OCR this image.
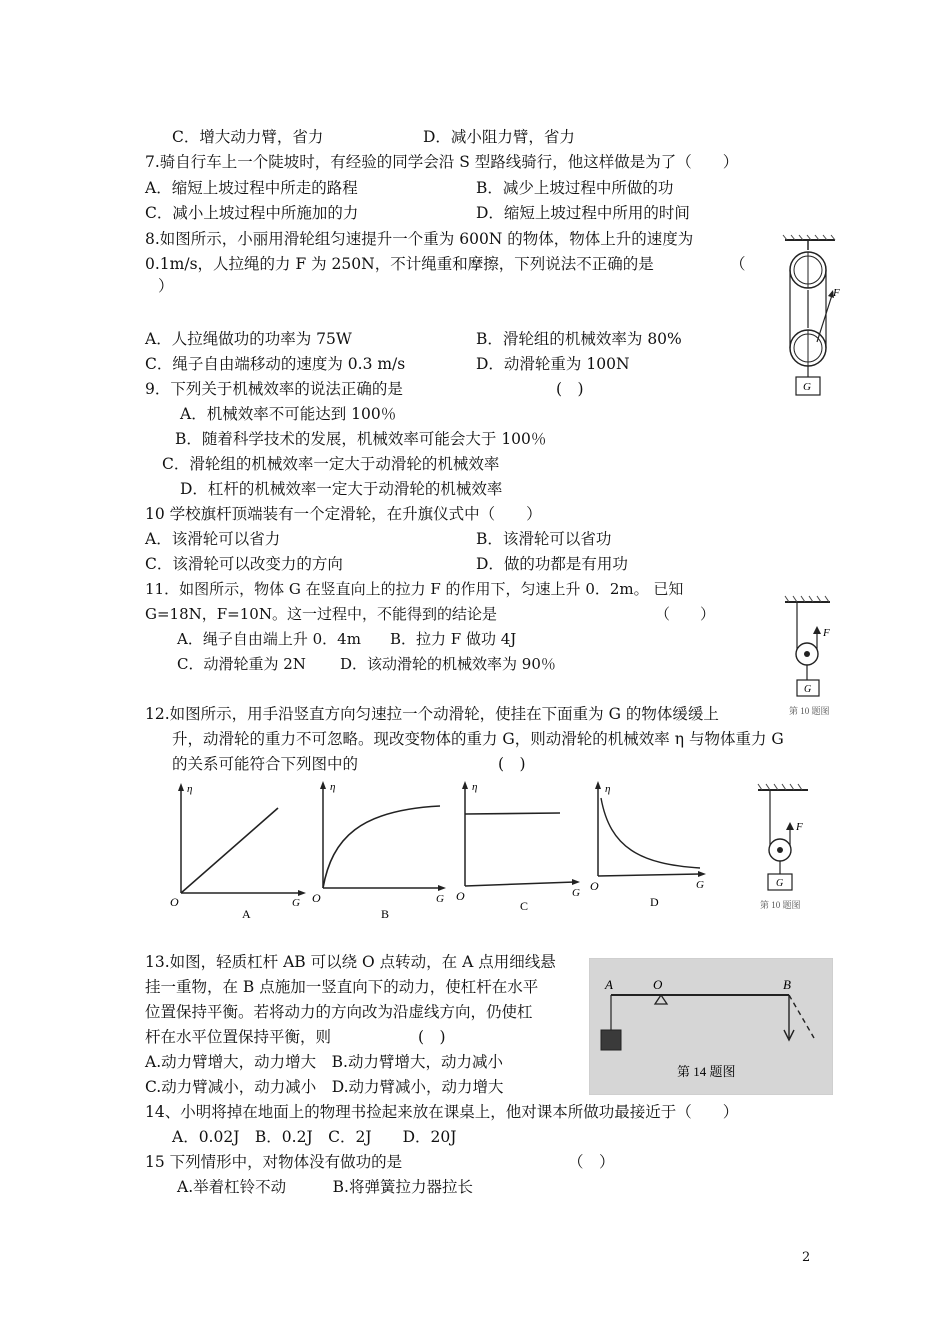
C．增大动力臂，省力	D．减小阻力臂，省力
7.骑自行车上一个陡坡时，有经验的同学会沿 S 型路线骑行，他这样做是为了（　　）
A．缩短上坡过程中所走的路程	B．减少上坡过程中所做的功
C．减小上坡过程中所施加的力	D．缩短上坡过程中所用的时间
8.如图所示，小丽用滑轮组匀速提升一个重为 600N 的物体，物体上升的速度为
0.1m/s，人拉绳的力 F 为 250N，不计绳重和摩擦，下列说法不正确的是	（
）
A．人拉绳做功的功率为 75W	B．滑轮组的机械效率为 80%
C．绳子自由端移动的速度为 0.3 m/s	D．动滑轮重为 100N
F
G
9．下列关于机械效率的说法正确的是	(　)
A．机械效率不可能达到 100％
B．随着科学技术的发展，机械效率可能会大于 100％
C．滑轮组的机械效率一定大于动滑轮的机械效率
D．杠杆的机械效率一定大于动滑轮的机械效率
10 学校旗杆顶端装有一个定滑轮，在升旗仪式中（　　）
A．该滑轮可以省力	B．该滑轮可以省功
C．该滑轮可以改变力的方向	D．做的功都是有用功
11．如图所示，物体 G 在竖直向上的拉力 F 的作用下，匀速上升 0．2m。 已知
G=18N，F=10N。这一过程中，不能得到的结论是	（　　）
A．绳子自由端上升 0．4m B．拉力 F 做功 4J
C．动滑轮重为 2N D．该动滑轮的机械效率为 90％
F
G
第 10 题图
12.如图所示，用手沿竖直方向匀速拉一个动滑轮，使挂在下面重为 G 的物体缓缓上
升，动滑轮的重力不可忽略。现改变物体的重力 G，则动滑轮的机械效率 η 与物体重力 G
的关系可能符合下列图中的	(　)
η
O	G
A
η
O	G
B
η
O	G
C
η
O	G
D
F
G
第 10 题图
13.如图，轻质杠杆 AB 可以绕 O 点转动，在 A 点用细线悬
挂一重物，在 B 点施加一竖直向下的动力，使杠杆在水平
位置保持平衡。若将动力的方向改为沿虚线方向，仍使杠
杆在水平位置保持平衡，则	(　)
A.动力臂增大，动力增大　B.动力臂增大，动力减小
C.动力臂减小，动力减小　D.动力臂减小，动力增大
A	O	B
第 14 题图
14、小明将掉在地面上的物理书捡起来放在课桌上，他对课本所做功最接近于（　　）
A．0.02J　B．0.2J　C．2J　　D．20J
15 下列情形中，对物体没有做功的是	（　）
A.举着杠铃不动　　　B.将弹簧拉力器拉长
2
